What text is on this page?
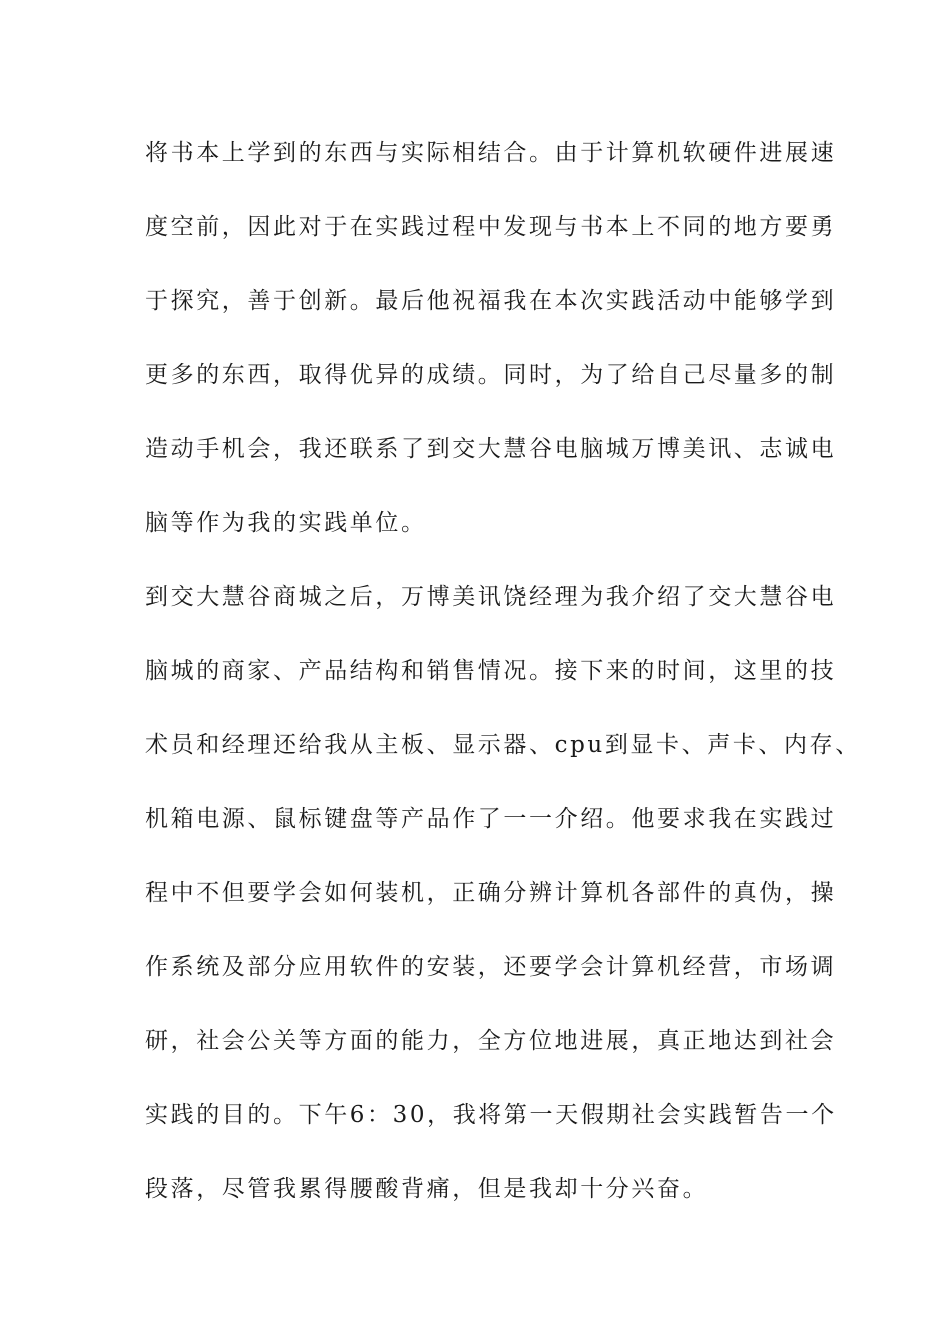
将书本上学到的东西与实际相结合。由于计算机软硬件进展速
度空前，因此对于在实践过程中发现与书本上不同的地方要勇
于探究，善于创新。最后他祝福我在本次实践活动中能够学到
更多的东西，取得优异的成绩。同时，为了给自己尽量多的制
造动手机会，我还联系了到交大慧谷电脑城万博美讯、志诚电
脑等作为我的实践单位。
到交大慧谷商城之后，万博美讯饶经理为我介绍了交大慧谷电
脑城的商家、产品结构和销售情况。接下来的时间，这里的技
术员和经理还给我从主板、显示器、cpu到显卡、声卡、内存、
机箱电源、鼠标键盘等产品作了一一介绍。他要求我在实践过
程中不但要学会如何装机，正确分辨计算机各部件的真伪，操
作系统及部分应用软件的安装，还要学会计算机经营，市场调
研，社会公关等方面的能力，全方位地进展，真正地达到社会
实践的目的。下午6：30，我将第一天假期社会实践暂告一个
段落，尽管我累得腰酸背痛，但是我却十分兴奋。
